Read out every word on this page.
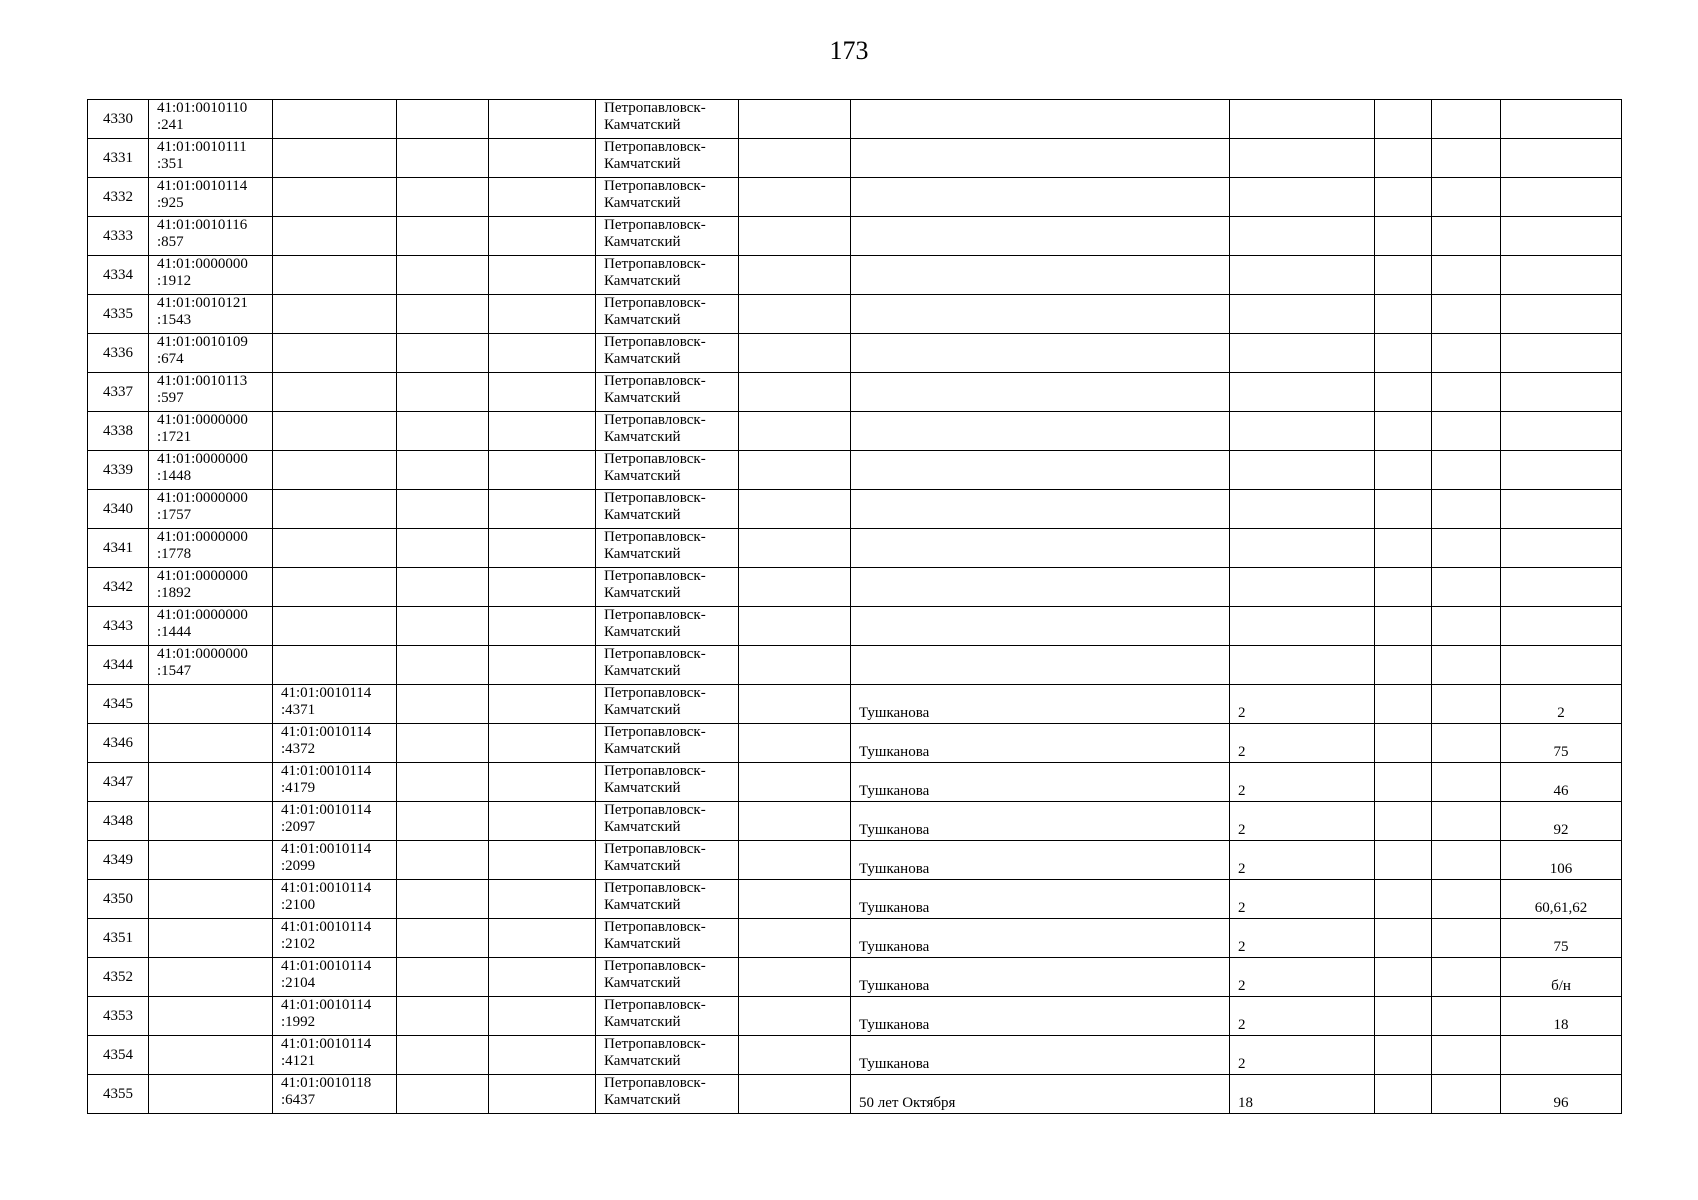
173
4330	41:01:0010110 :241				Петропавловск-Камчатский						
4331	41:01:0010111 :351				Петропавловск-Камчатский						
4332	41:01:0010114 :925				Петропавловск-Камчатский						
4333	41:01:0010116 :857				Петропавловск-Камчатский						
4334	41:01:0000000 :1912				Петропавловск-Камчатский						
4335	41:01:0010121 :1543				Петропавловск-Камчатский						
4336	41:01:0010109 :674				Петропавловск-Камчатский						
4337	41:01:0010113 :597				Петропавловск-Камчатский						
4338	41:01:0000000 :1721				Петропавловск-Камчатский						
4339	41:01:0000000 :1448				Петропавловск-Камчатский						
4340	41:01:0000000 :1757				Петропавловск-Камчатский						
4341	41:01:0000000 :1778				Петропавловск-Камчатский						
4342	41:01:0000000 :1892				Петропавловск-Камчатский						
4343	41:01:0000000 :1444				Петропавловск-Камчатский						
4344	41:01:0000000 :1547				Петропавловск-Камчатский						
4345		41:01:0010114 :4371			Петропавловск-Камчатский		Тушканова	2			2
4346		41:01:0010114 :4372			Петропавловск-Камчатский		Тушканова	2			75
4347		41:01:0010114 :4179			Петропавловск-Камчатский		Тушканова	2			46
4348		41:01:0010114 :2097			Петропавловск-Камчатский		Тушканова	2			92
4349		41:01:0010114 :2099			Петропавловск-Камчатский		Тушканова	2			106
4350		41:01:0010114 :2100			Петропавловск-Камчатский		Тушканова	2			60,61,62
4351		41:01:0010114 :2102			Петропавловск-Камчатский		Тушканова	2			75
4352		41:01:0010114 :2104			Петропавловск-Камчатский		Тушканова	2			б/н
4353		41:01:0010114 :1992			Петропавловск-Камчатский		Тушканова	2			18
4354		41:01:0010114 :4121			Петропавловск-Камчатский		Тушканова	2			
4355		41:01:0010118 :6437			Петропавловск-Камчатский		50 лет Октября	18			96
